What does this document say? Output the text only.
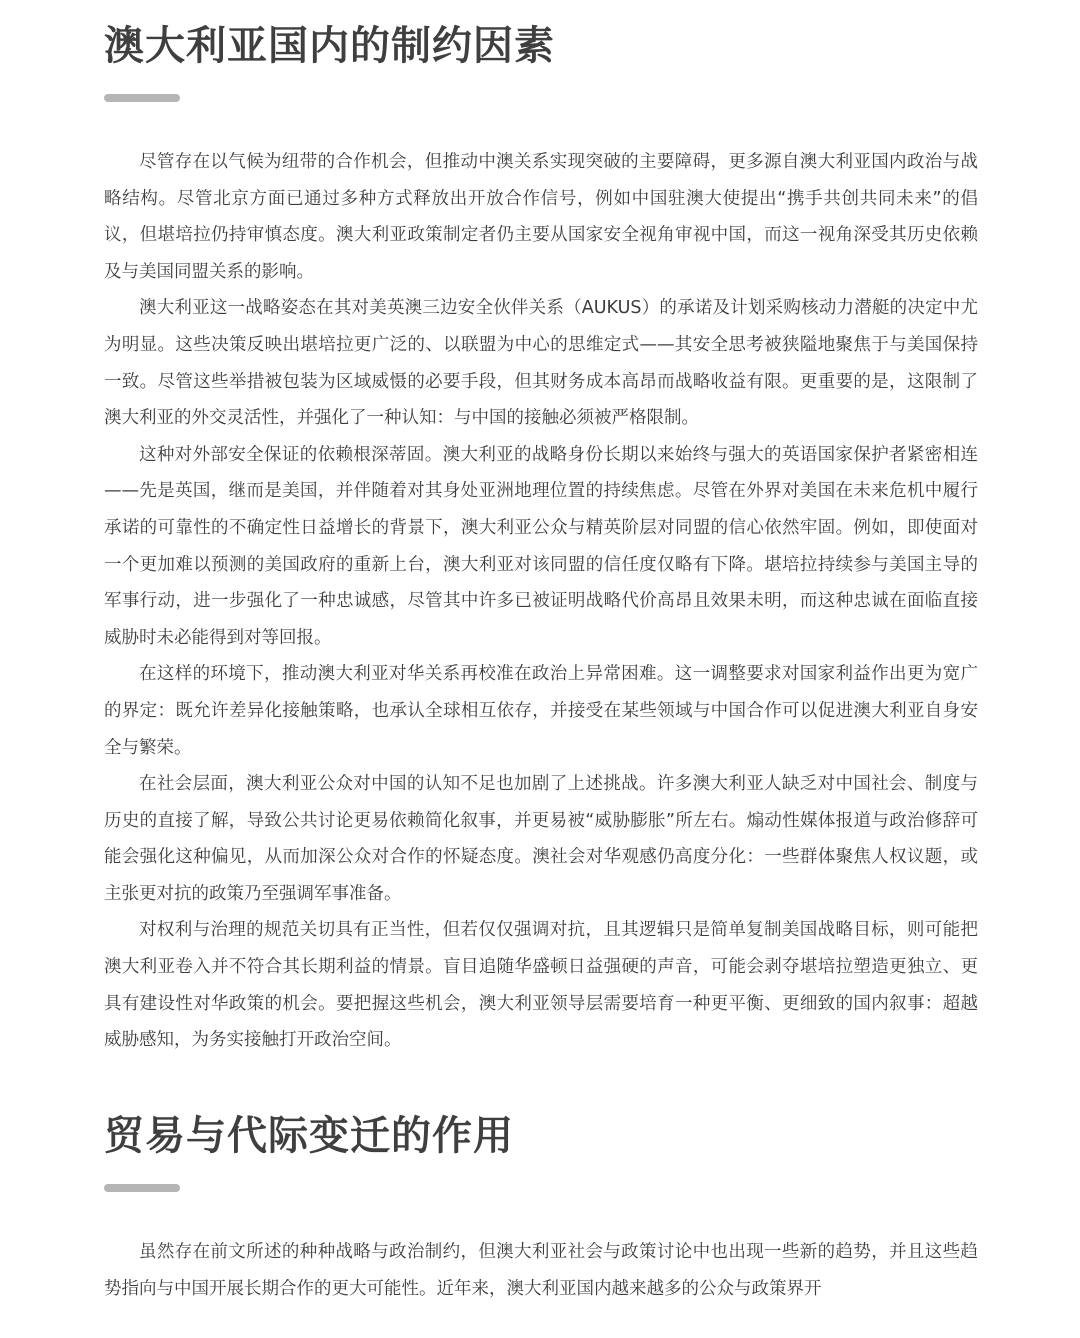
澳大利亚国内的制约因素

尽管存在以气候为纽带的合作机会，但推动中澳关系实现突破的主要障碍，更多源自澳大利亚国内政治与战略结构。尽管北京方面已通过多种方式释放出开放合作信号，例如中国驻澳大使提出“携手共创共同未来”的倡议，但堪培拉仍持审慎态度。澳大利亚政策制定者仍主要从国家安全视角审视中国，而这一视角深受其历史依赖及与美国同盟关系的影响。

澳大利亚这一战略姿态在其对美英澳三边安全伙伴关系（AUKUS）的承诺及计划采购核动力潜艇的决定中尤为明显。这些决策反映出堪培拉更广泛的、以联盟为中心的思维定式——其安全思考被狭隘地聚焦于与美国保持一致。尽管这些举措被包装为区域威慑的必要手段，但其财务成本高昂而战略收益有限。更重要的是，这限制了澳大利亚的外交灵活性，并强化了一种认知：与中国的接触必须被严格限制。

这种对外部安全保证的依赖根深蒂固。澳大利亚的战略身份长期以来始终与强大的英语国家保护者紧密相连——先是英国，继而是美国，并伴随着对其身处亚洲地理位置的持续焦虑。尽管在外界对美国在未来危机中履行承诺的可靠性的不确定性日益增长的背景下，澳大利亚公众与精英阶层对同盟的信心依然牢固。例如，即使面对一个更加难以预测的美国政府的重新上台，澳大利亚对该同盟的信任度仅略有下降。堪培拉持续参与美国主导的军事行动，进一步强化了一种忠诚感，尽管其中许多已被证明战略代价高昂且效果未明，而这种忠诚在面临直接威胁时未必能得到对等回报。

在这样的环境下，推动澳大利亚对华关系再校准在政治上异常困难。这一调整要求对国家利益作出更为宽广的界定：既允许差异化接触策略，也承认全球相互依存，并接受在某些领域与中国合作可以促进澳大利亚自身安全与繁荣。

在社会层面，澳大利亚公众对中国的认知不足也加剧了上述挑战。许多澳大利亚人缺乏对中国社会、制度与历史的直接了解，导致公共讨论更易依赖简化叙事，并更易被“威胁膨胀”所左右。煽动性媒体报道与政治修辞可能会强化这种偏见，从而加深公众对合作的怀疑态度。澳社会对华观感仍高度分化：一些群体聚焦人权议题，或主张更对抗的政策乃至强调军事准备。

对权利与治理的规范关切具有正当性，但若仅仅强调对抗，且其逻辑只是简单复制美国战略目标，则可能把澳大利亚卷入并不符合其长期利益的情景。盲目追随华盛顿日益强硬的声音，可能会剥夺堪培拉塑造更独立、更具有建设性对华政策的机会。要把握这些机会，澳大利亚领导层需要培育一种更平衡、更细致的国内叙事：超越威胁感知，为务实接触打开政治空间。

贸易与代际变迁的作用

虽然存在前文所述的种种战略与政治制约，但澳大利亚社会与政策讨论中也出现一些新的趋势，并且这些趋势指向与中国开展长期合作的更大可能性。近年来，澳大利亚国内越来越多的公众与政策界开
